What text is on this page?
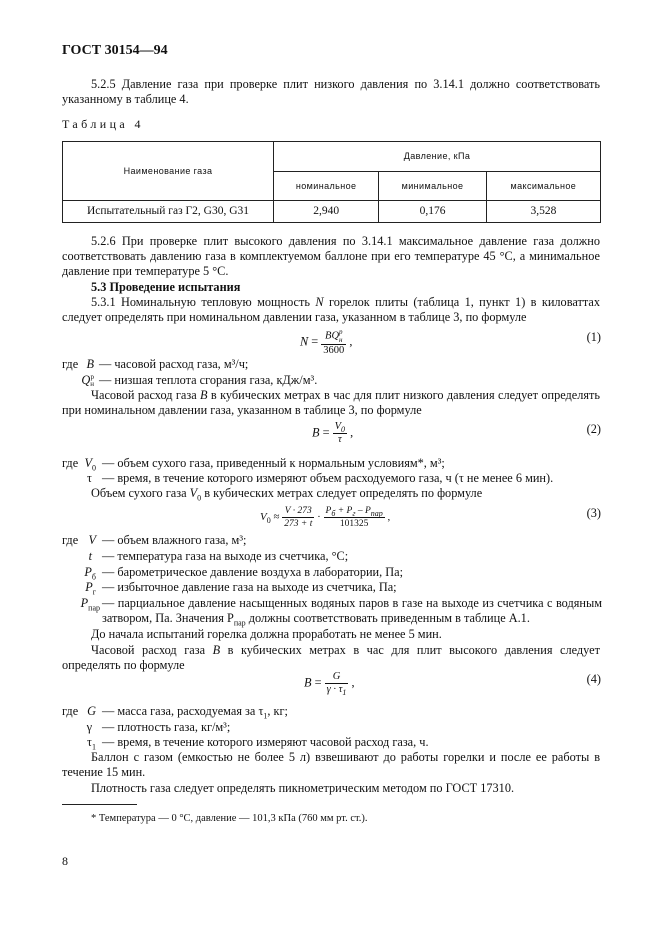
ГОСТ 30154—94
5.2.5 Давление газа при проверке плит низкого давления по 3.14.1 должно соответствовать указанному в таблице 4.
Таблица 4
Наименование газа	Давление, кПа		
	номинальное	минимальное	максимальное
Испытательный газ Г2, G30, G31	2,940	0,176	3,528
5.2.6 При проверке плит высокого давления по 3.14.1 максимальное давление газа должно соответствовать давлению газа в комплектуемом баллоне при его температуре 45 °С, а минимальное давление при температуре 5 °С.
5.3 Проведение испытания
5.3.1 Номинальную тепловую мощность N горелок плиты (таблица 1, пункт 1) в киловаттах следует определять при номинальном давлении газа, указанном в таблице 3, по формуле
N = BQ p
н
3600 ,	(1)
где B — часовой расход газа, м³/ч;
Q p
н — низшая теплота сгорания газа, кДж/м³.
Часовой расход газа B в кубических метрах в час для плит низкого давления следует определять при номинальном давлении газа, указанном в таблице 3, по формуле
$B = \frac{V_0}{\tau}$ ,	(2)
где $V_0$ — объем сухого газа, приведенный к нормальным условиям*, м³;
τ — время, в течение которого измеряют объем расходуемого газа, ч (τ не менее 6 мин).
Объем сухого газа $V_0$ в кубических метрах следует определять по формуле
$V_0 \approx \frac{V \cdot 273}{273 + t} \cdot \frac{P_б + P_г - P_{пар}}{101325}$ ,	(3)
где V — объем влажного газа, м³;
t — температура газа на выходе из счетчика, °С;
$P_б$ — барометрическое давление воздуха в лаборатории, Па;
$P_г$ — избыточное давление газа на выходе из счетчика, Па;
$P_{пар}$ — парциальное давление насыщенных водяных паров в газе на выходе из счетчика с водяным затвором, Па. Значения $P_{пар}$ должны соответствовать приведенным в таблице А.1.
До начала испытаний горелка должна проработать не менее 5 мин.
Часовой расход газа B в кубических метрах в час для плит высокого давления следует определять по формуле
$B = \frac{G}{\gamma \cdot \tau_1}$ ,	(4)
где G — масса газа, расходуемая за $\tau_1$, кг;
γ — плотность газа, кг/м³;
$\tau_1$ — время, в течение которого измеряют часовой расход газа, ч.
Баллон с газом (емкостью не более 5 л) взвешивают до работы горелки и после ее работы в течение 15 мин.
Плотность газа следует определять пикнометрическим методом по ГОСТ 17310.
* Температура — 0 °С, давление — 101,3 кПа (760 мм рт. ст.).
8
